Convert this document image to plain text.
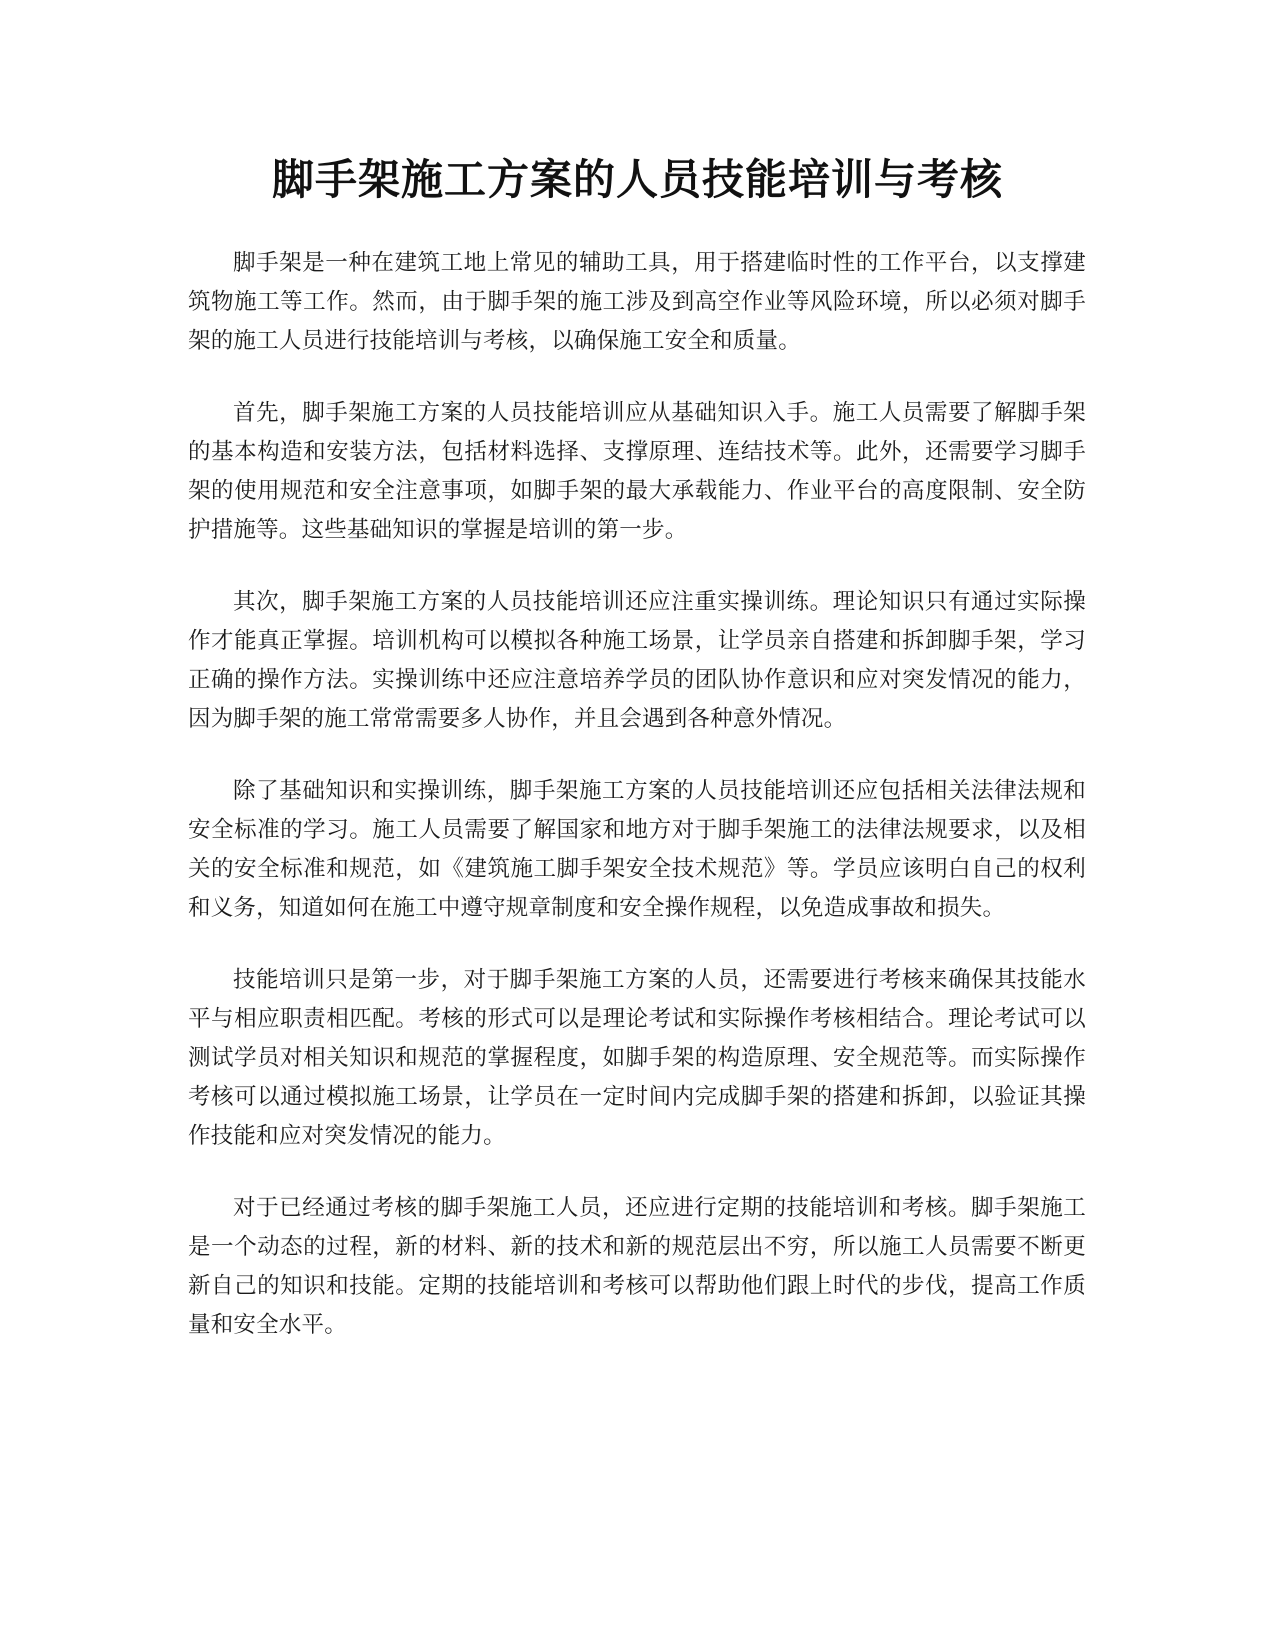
脚手架施工方案的人员技能培训与考核

脚手架是一种在建筑工地上常见的辅助工具，用于搭建临时性的工作平台，以支撑建筑物施工等工作。然而，由于脚手架的施工涉及到高空作业等风险环境，所以必须对脚手架的施工人员进行技能培训与考核，以确保施工安全和质量。

首先，脚手架施工方案的人员技能培训应从基础知识入手。施工人员需要了解脚手架的基本构造和安装方法，包括材料选择、支撑原理、连结技术等。此外，还需要学习脚手架的使用规范和安全注意事项，如脚手架的最大承载能力、作业平台的高度限制、安全防护措施等。这些基础知识的掌握是培训的第一步。

其次，脚手架施工方案的人员技能培训还应注重实操训练。理论知识只有通过实际操作才能真正掌握。培训机构可以模拟各种施工场景，让学员亲自搭建和拆卸脚手架，学习正确的操作方法。实操训练中还应注意培养学员的团队协作意识和应对突发情况的能力，因为脚手架的施工常常需要多人协作，并且会遇到各种意外情况。

除了基础知识和实操训练，脚手架施工方案的人员技能培训还应包括相关法律法规和安全标准的学习。施工人员需要了解国家和地方对于脚手架施工的法律法规要求，以及相关的安全标准和规范，如《建筑施工脚手架安全技术规范》等。学员应该明白自己的权利和义务，知道如何在施工中遵守规章制度和安全操作规程，以免造成事故和损失。

技能培训只是第一步，对于脚手架施工方案的人员，还需要进行考核来确保其技能水平与相应职责相匹配。考核的形式可以是理论考试和实际操作考核相结合。理论考试可以测试学员对相关知识和规范的掌握程度，如脚手架的构造原理、安全规范等。而实际操作考核可以通过模拟施工场景，让学员在一定时间内完成脚手架的搭建和拆卸，以验证其操作技能和应对突发情况的能力。

对于已经通过考核的脚手架施工人员，还应进行定期的技能培训和考核。脚手架施工是一个动态的过程，新的材料、新的技术和新的规范层出不穷，所以施工人员需要不断更新自己的知识和技能。定期的技能培训和考核可以帮助他们跟上时代的步伐，提高工作质量和安全水平。
